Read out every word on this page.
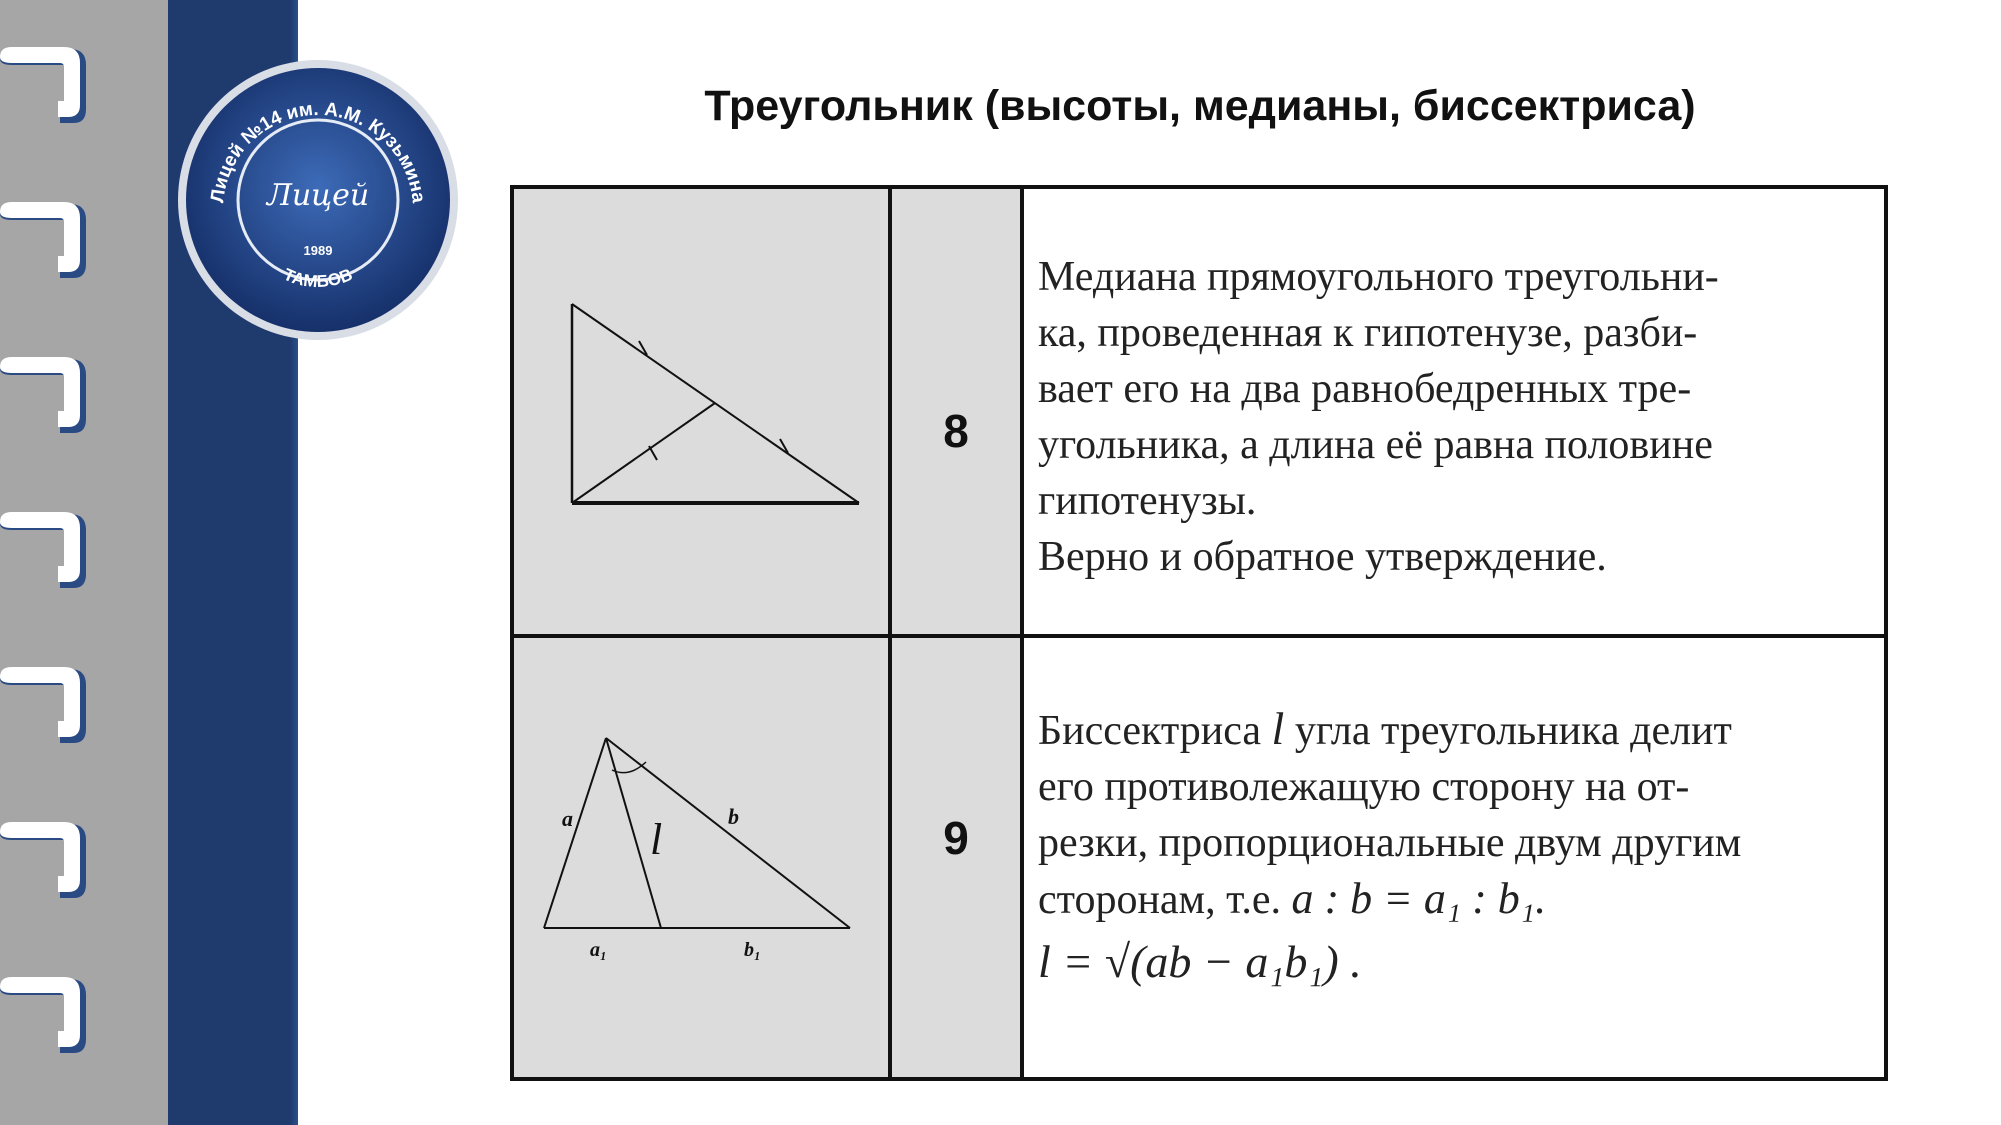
Лицей №14 им. А.М. Кузьмина
Лицей
1989
ТАМБОВ
Треугольник (высоты, медианы, биссектриса)
8

Медиана прямоугольного треугольни-

ка, проведенная к гипотенузе, разби-

вает его на два равнобедренных тре-

угольника, а длина её равна половине

гипотенузы.

Верно и обратное утверждение.

a	b
l
a₁	b₁
9

Биссектриса l угла треугольника делит

его противолежащую сторону на от-

резки, пропорциональные двум другим

сторонам, т.е. a : b = a₁ : b₁.

l = √(ab − a₁b₁) .
